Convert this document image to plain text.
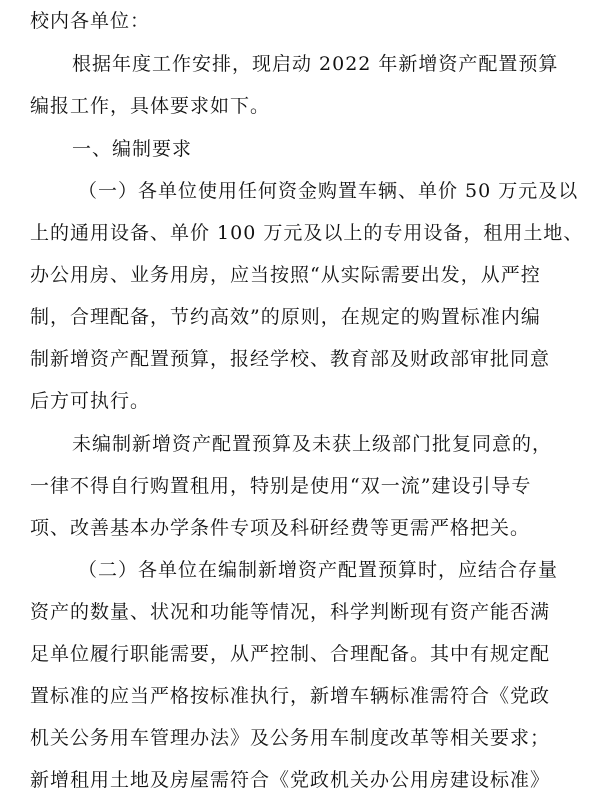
校内各单位：
根据年度工作安排，现启动 2022 年新增资产配置预算
编报工作，具体要求如下。
一、编制要求
（一）各单位使用任何资金购置车辆、单价 50 万元及以
上的通用设备、单价 100 万元及以上的专用设备，租用土地、
办公用房、业务用房，应当按照“从实际需要出发，从严控
制，合理配备，节约高效”的原则，在规定的购置标准内编
制新增资产配置预算，报经学校、教育部及财政部审批同意
后方可执行。
未编制新增资产配置预算及未获上级部门批复同意的，
一律不得自行购置租用，特别是使用“双一流”建设引导专
项、改善基本办学条件专项及科研经费等更需严格把关。
（二）各单位在编制新增资产配置预算时，应结合存量
资产的数量、状况和功能等情况，科学判断现有资产能否满
足单位履行职能需要，从严控制、合理配备。其中有规定配
置标准的应当严格按标准执行，新增车辆标准需符合《党政
机关公务用车管理办法》及公务用车制度改革等相关要求；
新增租用土地及房屋需符合《党政机关办公用房建设标准》
